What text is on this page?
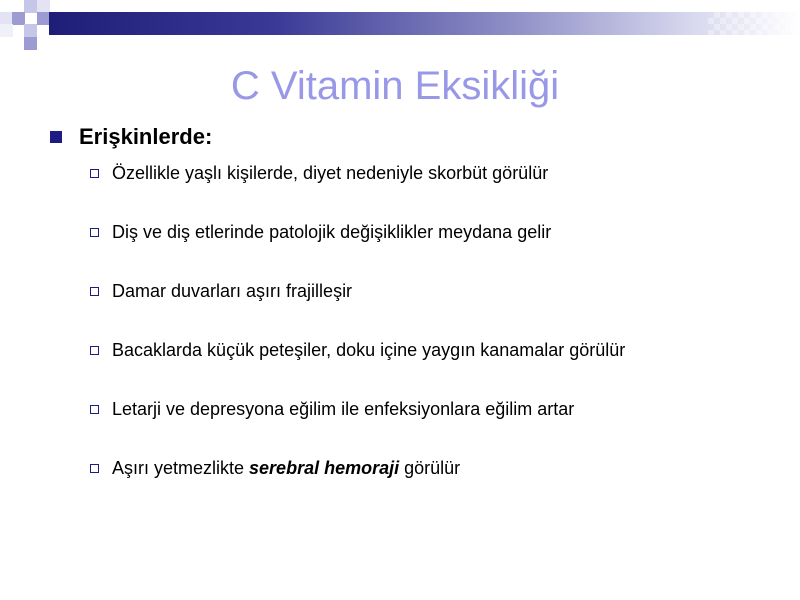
C Vitamin Eksikliği
Erişkinlerde:
Özellikle yaşlı kişilerde, diyet nedeniyle skorbüt görülür
Diş ve diş etlerinde patolojik değişiklikler meydana gelir
Damar duvarları aşırı frajilleşir
Bacaklarda küçük peteşiler, doku içine yaygın kanamalar görülür
Letarji ve depresyona eğilim ile enfeksiyonlara eğilim artar
Aşırı yetmezlikte serebral hemoraji görülür
